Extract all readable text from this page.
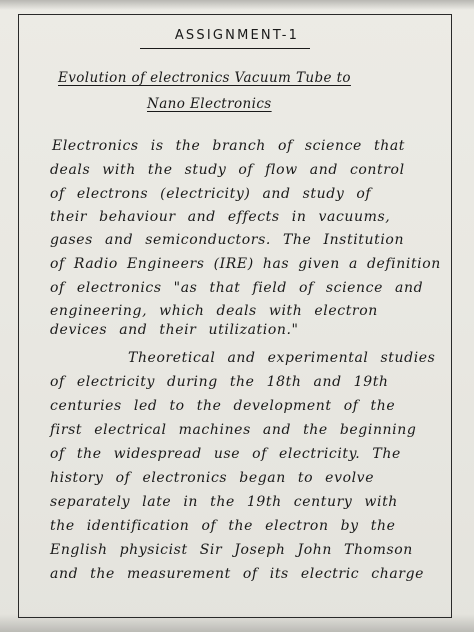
ASSIGNMENT-1
Evolution of electronics Vacuum Tube to
Nano Electronics
Electronics is the branch of science that
deals with the study of flow and control
of electrons (electricity) and study of
their behaviour and effects in vacuums,
gases and semiconductors. The Institution
of Radio Engineers (IRE) has given a definition
of electronics "as that field of science and
engineering, which deals with electron
devices and their utilization."
Theoretical and experimental studies
of electricity during the 18th and 19th
centuries led to the development of the
first electrical machines and the beginning
of the widespread use of electricity. The
history of electronics began to evolve
separately late in the 19th century with
the identification of the electron by the
English physicist Sir Joseph John Thomson
and the measurement of its electric charge
